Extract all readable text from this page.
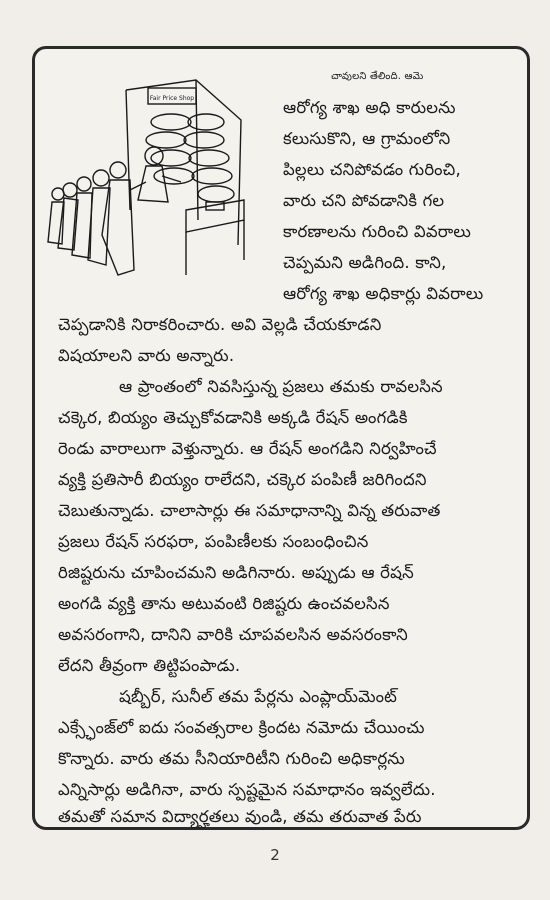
Fair Price Shop
చావులని తేలింది. ఆమె
ఆరోగ్య శాఖ అధి కారులను
కలుసుకొని, ఆ గ్రామంలోని
పిల్లలు చనిపోవడం గురించి,
వారు చని పోవడానికి గల
కారణాలను గురించి వివరాలు
చెప్పమని అడిగింది. కాని,
ఆరోగ్య శాఖ అధికార్లు వివరాలు
చెప్పడానికి నిరాకరించారు. అవి వెల్లడి చేయకూడని
విషయాలని వారు అన్నారు.
ఆ ప్రాంతంలో నివసిస్తున్న ప్రజలు తమకు రావలసిన
చక్కెర, బియ్యం తెచ్చుకోవడానికి అక్కడి రేషన్ అంగడికి
రెండు వారాలుగా వెళ్తున్నారు. ఆ రేషన్ అంగడిని నిర్వహించే
వ్యక్తి ప్రతిసారీ బియ్యం రాలేదని, చక్కెర పంపిణీ జరిగిందని
చెబుతున్నాడు. చాలాసార్లు ఈ సమాధానాన్ని విన్న తరువాత
ప్రజలు రేషన్ సరఫరా, పంపిణీలకు సంబంధించిన
రిజిష్టరును చూపించమని అడిగినారు. అప్పుడు ఆ రేషన్
అంగడి వ్యక్తి తాను అటువంటి రిజిష్టరు ఉంచవలసిన
అవసరంగాని, దానిని వారికి చూపవలసిన అవసరంకాని
లేదని తీవ్రంగా తిట్టిపంపాడు.
షబ్బీర్, సునీల్ తమ పేర్లను ఎంప్లాయ్‌మెంట్
ఎక్స్ఛేంజ్‌లో ఐదు సంవత్సరాల క్రిందట నమోదు చేయించు
కొన్నారు. వారు తమ సీనియారిటీని గురించి అధికార్లను
ఎన్నిసార్లు అడిగినా, వారు స్పష్టమైన సమాధానం ఇవ్వలేదు.
తమతో సమాన విద్యార్హతలు వుండి, తమ తరువాత పేరు
2
